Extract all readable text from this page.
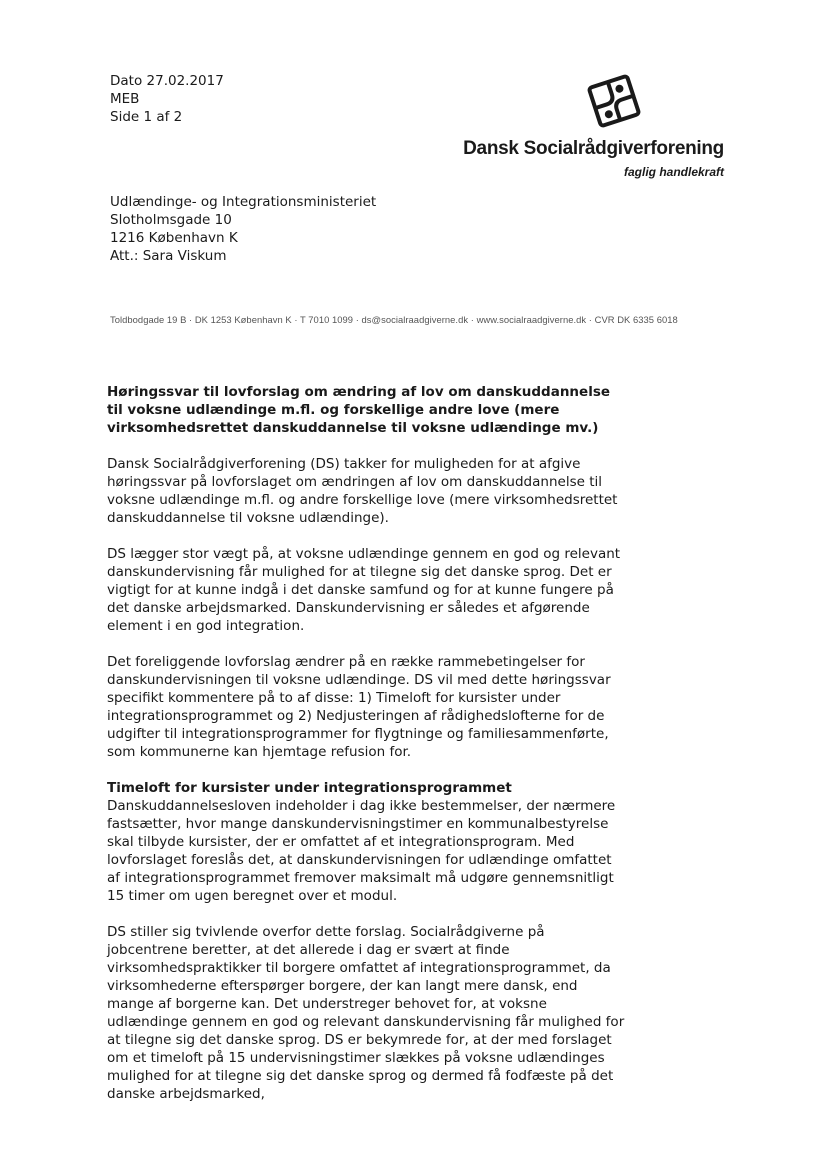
Dato 27.02.2017
MEB
Side 1 af 2
Dansk Socialrådgiverforening
faglig handlekraft
Udlændinge- og Integrationsministeriet
Slotholmsgade 10
1216 København K
Att.: Sara Viskum
Toldbodgade 19 B · DK 1253 København K · T 7010 1099 · ds@socialraadgiverne.dk · www.socialraadgiverne.dk · CVR DK 6335 6018
Høringssvar til lovforslag om ændring af lov om danskuddannelse til voksne udlændinge m.fl. og forskellige andre love (mere virksomhedsrettet danskuddannelse til voksne udlændinge mv.)

Dansk Socialrådgiverforening (DS) takker for muligheden for at afgive høringssvar på lovforslaget om ændringen af lov om danskuddannelse til voksne udlændinge m.fl. og andre forskellige love (mere virksomhedsrettet danskuddannelse til voksne udlændinge).

DS lægger stor vægt på, at voksne udlændinge gennem en god og relevant danskundervisning får mulighed for at tilegne sig det danske sprog. Det er vigtigt for at kunne indgå i det danske samfund og for at kunne fungere på det danske arbejdsmarked. Danskundervisning er således et afgørende element i en god integration.

Det foreliggende lovforslag ændrer på en række rammebetingelser for danskundervisningen til voksne udlændinge. DS vil med dette høringssvar specifikt kommentere på to af disse: 1) Timeloft for kursister under integrationsprogrammet og 2) Nedjusteringen af rådighedslofterne for de udgifter til integrationsprogrammer for flygtninge og familiesammenførte, som kommunerne kan hjemtage refusion for.

Timeloft for kursister under integrationsprogrammet

Danskuddannelsesloven indeholder i dag ikke bestemmelser, der nærmere fastsætter, hvor mange danskundervisningstimer en kommunalbestyrelse skal tilbyde kursister, der er omfattet af et integrationsprogram. Med lovforslaget foreslås det, at danskundervisningen for udlændinge omfattet af integrationsprogrammet fremover maksimalt må udgøre gennemsnitligt 15 timer om ugen beregnet over et modul.

DS stiller sig tvivlende overfor dette forslag. Socialrådgiverne på jobcentrene beretter, at det allerede i dag er svært at finde virksomhedspraktikker til borgere omfattet af integrationsprogrammet, da virksomhederne efterspørger borgere, der kan langt mere dansk, end mange af borgerne kan. Det understreger behovet for, at voksne udlændinge gennem en god og relevant danskundervisning får mulighed for at tilegne sig det danske sprog. DS er bekymrede for, at der med forslaget om et timeloft på 15 undervisningstimer slækkes på voksne udlændinges mulighed for at tilegne sig det danske sprog og dermed få fodfæste på det danske arbejdsmarked,
